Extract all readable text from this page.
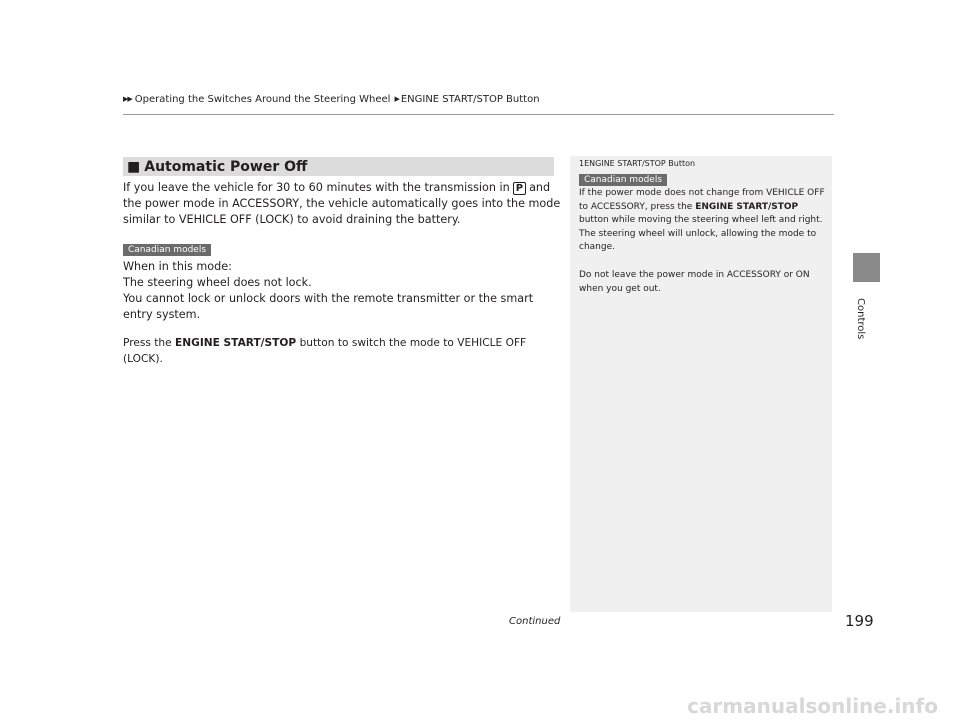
▶▶ Operating the Switches Around the Steering Wheel ▶ ENGINE START/STOP Button
Controls
■ Automatic Power Off
If you leave the vehicle for 30 to 60 minutes with the transmission in P and the power mode in ACCESSORY, the vehicle automatically goes into the mode similar to VEHICLE OFF (LOCK) to avoid draining the battery.
Canadian models
When in this mode:
The steering wheel does not lock.
You cannot lock or unlock doors with the remote transmitter or the smart entry system.
Press the ENGINE START/STOP button to switch the mode to VEHICLE OFF (LOCK).
1ENGINE START/STOP Button
Canadian models
If the power mode does not change from VEHICLE OFF to ACCESSORY, press the ENGINE START/STOP button while moving the steering wheel left and right. The steering wheel will unlock, allowing the mode to change.
Do not leave the power mode in ACCESSORY or ON when you get out.
Continued	199
carmanualsonline.info
